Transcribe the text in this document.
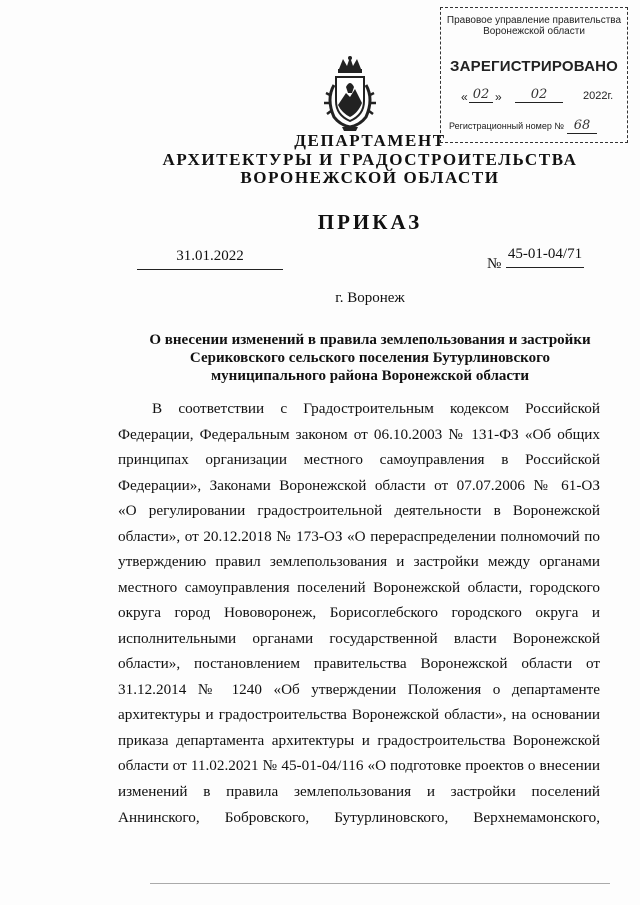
Правовое управление правительства
Воронежской области
ЗАРЕГИСТРИРОВАНО
« 02 »	02	2022г.
Регистрационный номер № 68
ДЕПАРТАМЕНТ
АРХИТЕКТУРЫ И ГРАДОСТРОИТЕЛЬСТВА
ВОРОНЕЖСКОЙ ОБЛАСТИ
ПРИКАЗ
31.01.2022	№
45-01-04/71
г. Воронеж
О внесении изменений в правила землепользования и застройки
Сериковского сельского поселения Бутурлиновского
муниципального района Воронежской области
В соответствии с Градостроительным кодексом Российской
Федерации, Федеральным законом от 06.10.2003 № 131-ФЗ «Об общих
принципах организации местного самоуправления в Российской
Федерации», Законами Воронежской области от 07.07.2006 № 61-ОЗ
«О регулировании градостроительной деятельности в Воронежской
области», от 20.12.2018 № 173-ОЗ «О перераспределении полномочий по
утверждению правил землепользования и застройки между органами
местного самоуправления поселений Воронежской области, городского
округа город Нововоронеж, Борисоглебского городского округа и
исполнительными органами государственной власти Воронежской
области», постановлением правительства Воронежской области от
31.12.2014 № 1240 «Об утверждении Положения о департаменте
архитектуры и градостроительства Воронежской области», на основании
приказа департамента архитектуры и градостроительства Воронежской
области от 11.02.2021 № 45-01-04/116 «О подготовке проектов о внесении
изменений в правила землепользования и застройки поселений
Аннинского, Бобровского, Бутурлиновского, Верхнемамонского,
